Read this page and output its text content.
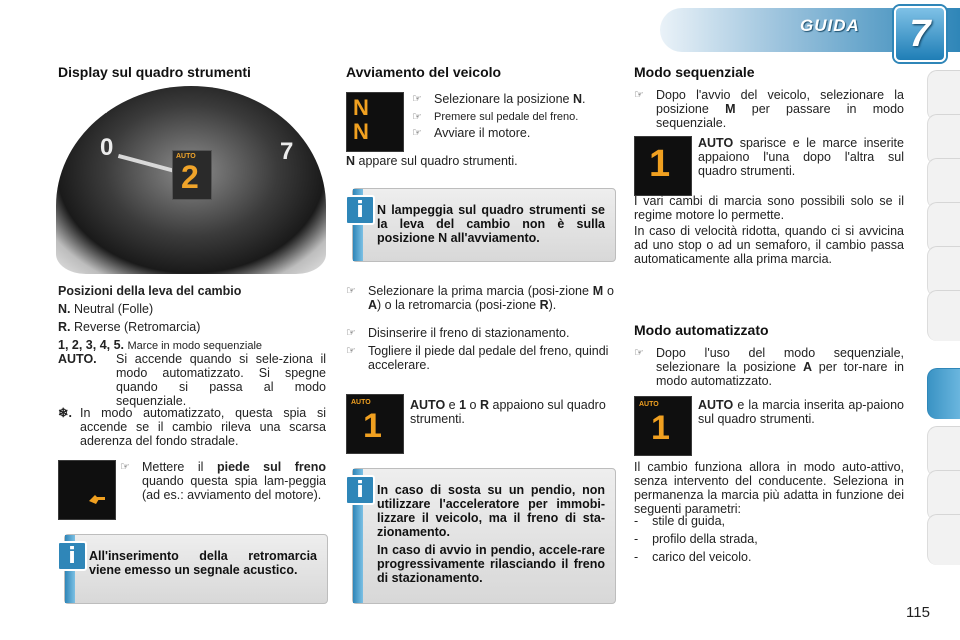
GUIDA	7
Display sul quadro strumenti
1	6
0	7
AUTO
2
Posizioni della leva del cambio
N. Neutral (Folle)
R. Reverse (Retromarcia)
1, 2, 3, 4, 5. Marce in modo sequenziale
AUTO. Si accende quando si sele-ziona il modo automatizzato. Si spegne quando si passa al modo sequenziale.
❄. In modo automatizzato, questa spia si accende se il cambio rileva una scarsa aderenza del fondo stradale.
☞ Mettere il piede sul freno quando questa spia lam-peggia (ad es.: avviamento del motore).
i	All'inserimento della retromarcia viene emesso un segnale acustico.
Avviamento del veicolo
N
N
☞ Selezionare la posizione N.
☞ Premere sul pedale del freno.
☞ Avviare il motore.
N appare sul quadro strumenti.
i	N lampeggia sul quadro strumenti se la leva del cambio non è sulla posizione N all'avviamento.
☞ Selezionare la prima marcia (posi-zione M o A) o la retromarcia (posi-zione R).
☞ Disinserire il freno di stazionamento.
☞ Togliere il piede dal pedale del freno, quindi accelerare.
AUTO
1
AUTO e 1 o R appaiono sul quadro strumenti.
i	In caso di sosta su un pendio, non utilizzare l'acceleratore per immobi-lizzare il veicolo, ma il freno di sta-zionamento.
In caso di avvio in pendio, accele-rare progressivamente rilasciando il freno di stazionamento.
Modo sequenziale
☞ Dopo l'avvio del veicolo, selezionare la posizione M per passare in modo sequenziale.
1 AUTO sparisce e le marce inserite appaiono l'una dopo l'altra sul quadro strumenti.
I vari cambi di marcia sono possibili solo se il regime motore lo permette.
In caso di velocità ridotta, quando ci si avvicina ad uno stop o ad un semaforo, il cambio passa automaticamente alla prima marcia.
Modo automatizzato
☞ Dopo l'uso del modo sequenziale, selezionare la posizione A per tor-nare in modo automatizzato.
AUTO
1
AUTO e la marcia inserita ap-paiono sul quadro strumenti.
Il cambio funziona allora in modo auto-attivo, senza intervento del conducente. Seleziona in permanenza la marcia più adatta in funzione dei seguenti parametri:
-    stile di guida,
-    profilo della strada,
-    carico del veicolo.
115
